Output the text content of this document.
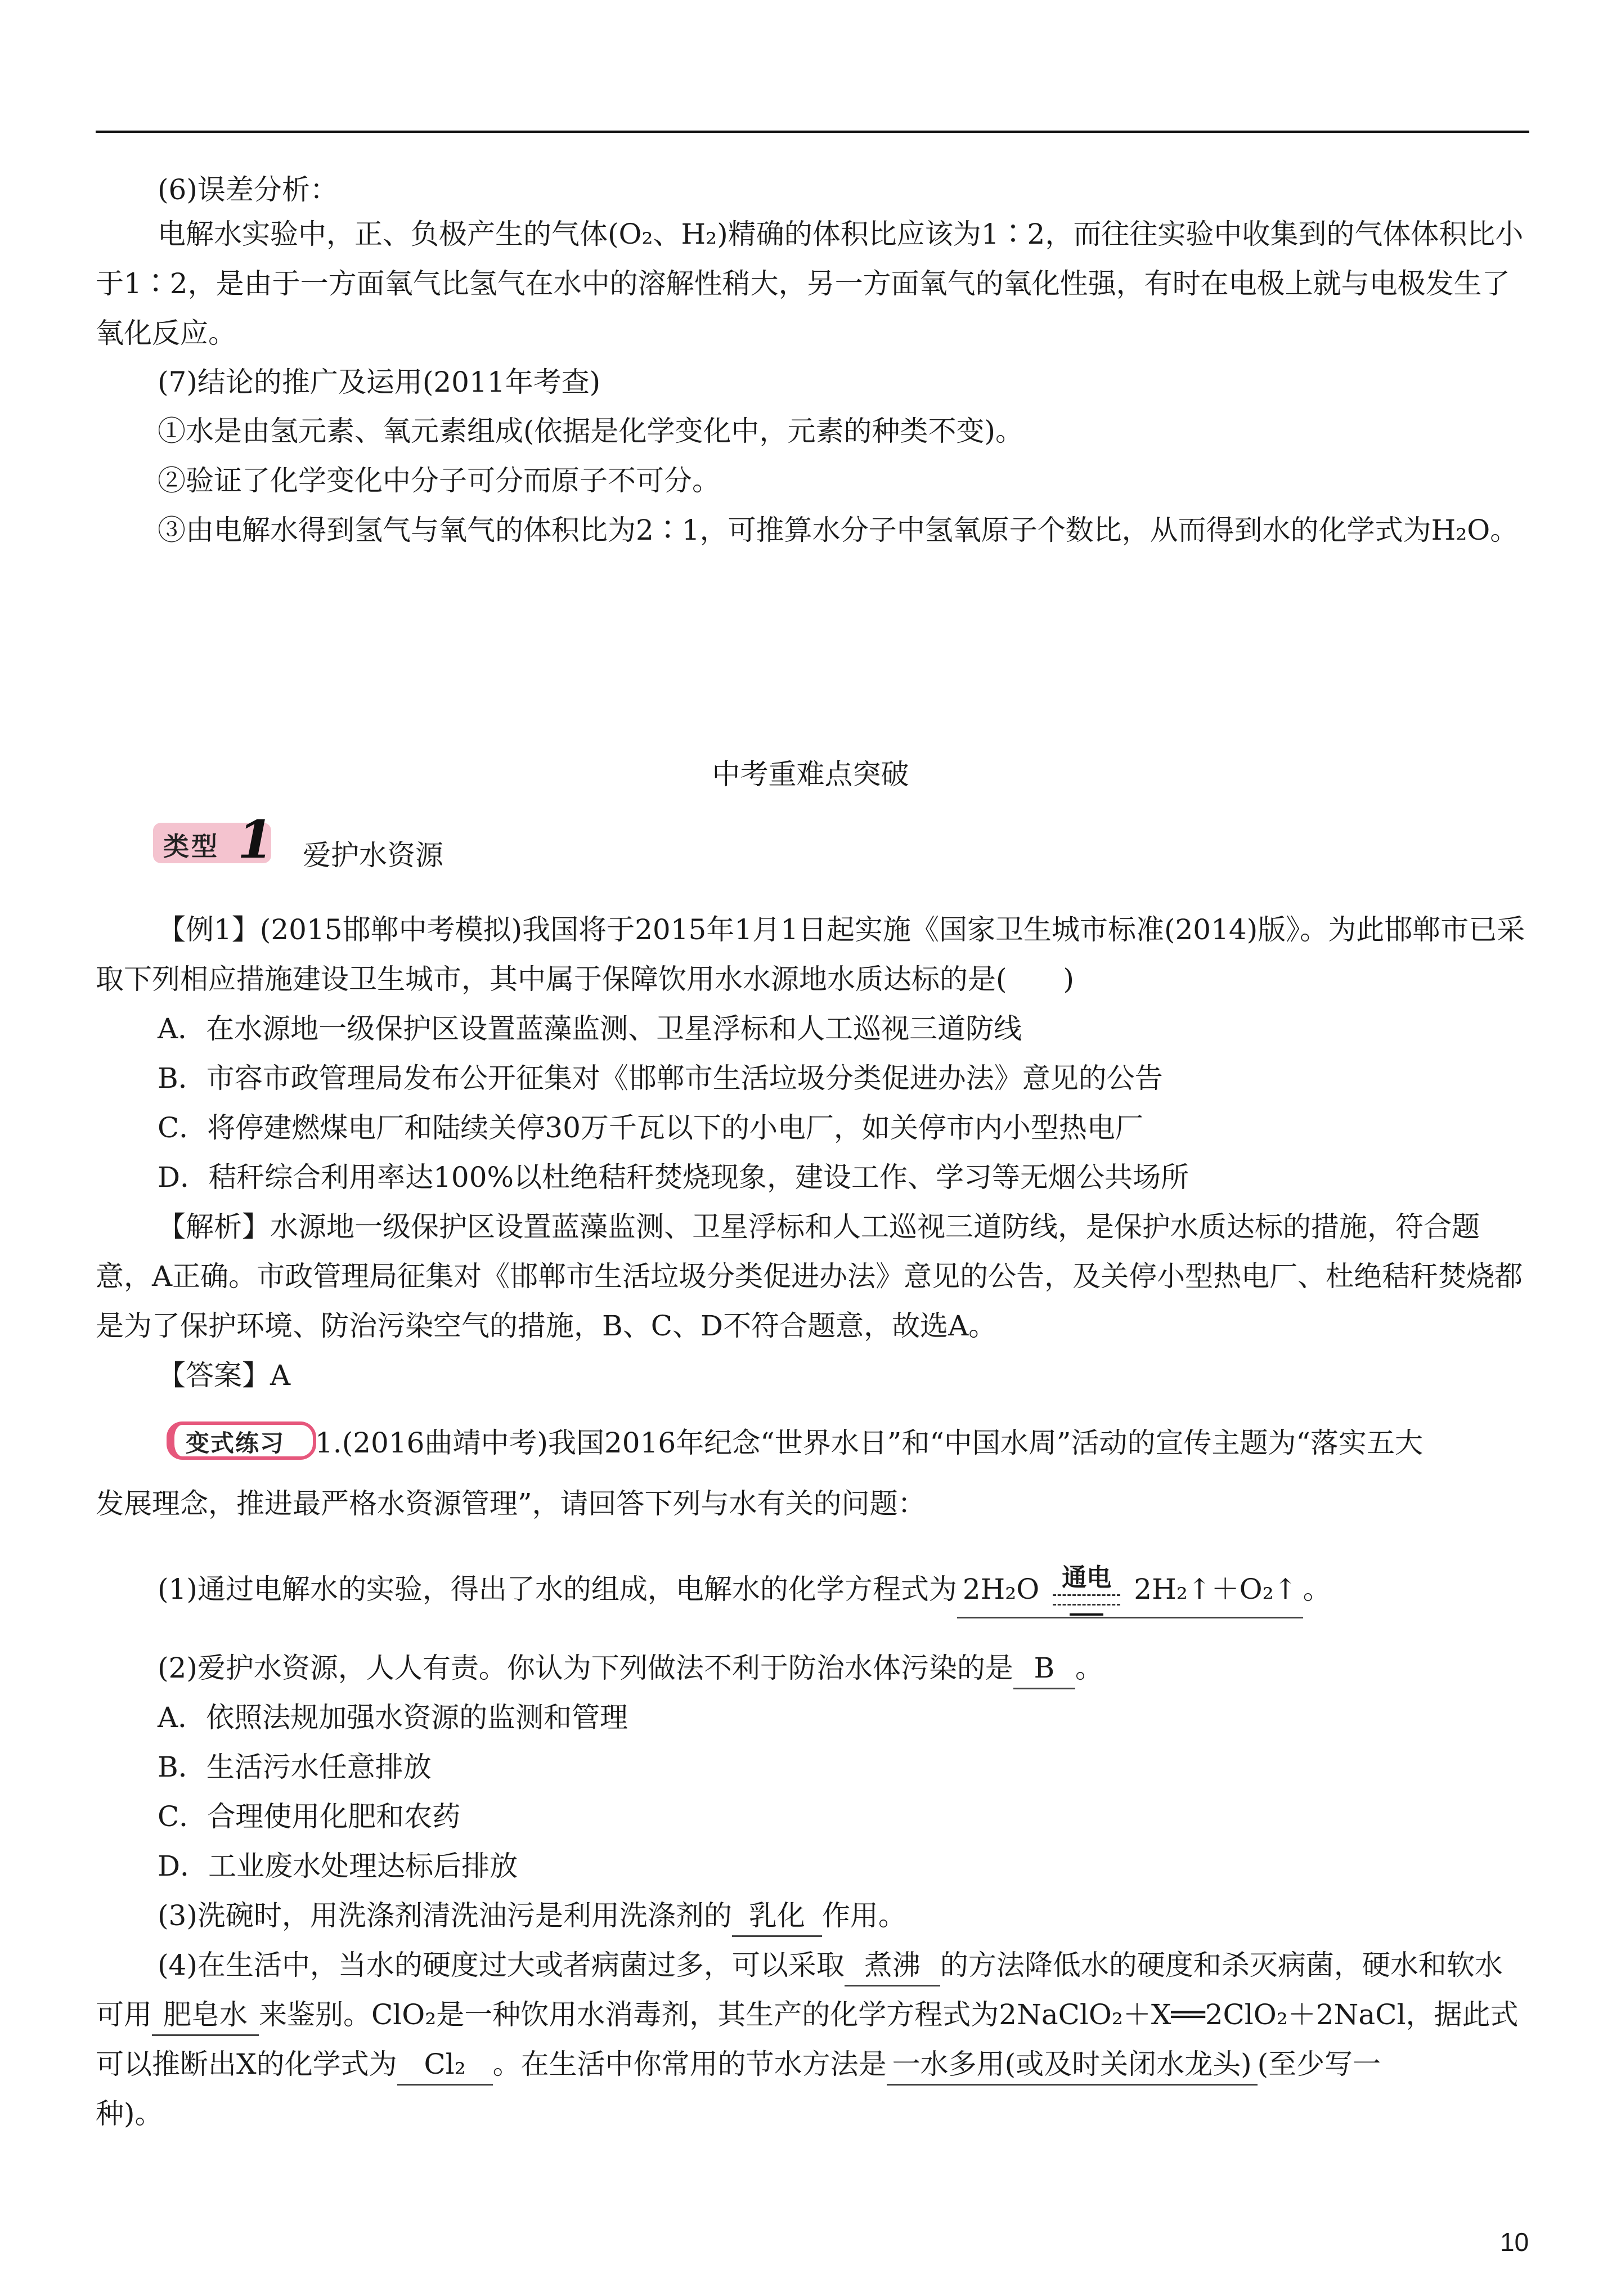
(6)误差分析：

电解水实验中，正、负极产生的气体(O₂、H₂)精确的体积比应该为1∶2，而往往实验中收集到的气体体积比小于1∶2，是由于一方面氧气比氢气在水中的溶解性稍大，另一方面氧气的氧化性强，有时在电极上就与电极发生了氧化反应。

(7)结论的推广及运用(2011年考查)
①水是由氢元素、氧元素组成(依据是化学变化中，元素的种类不变)。
②验证了化学变化中分子可分而原子不可分。

③由电解水得到氢气与氧气的体积比为2∶1，可推算水分子中氢氧原子个数比，从而得到水的化学式为H₂O。

中考重难点突破
类型 1 爱护水资源

【例1】(2015邯郸中考模拟)我国将于2015年1月1日起实施《国家卫生城市标准(2014)版》。为此邯郸市已采取下列相应措施建设卫生城市，其中属于保障饮用水水源地水质达标的是(　　)

A．在水源地一级保护区设置蓝藻监测、卫星浮标和人工巡视三道防线
B．市容市政管理局发布公开征集对《邯郸市生活垃圾分类促进办法》意见的公告
C．将停建燃煤电厂和陆续关停30万千瓦以下的小电厂，如关停市内小型热电厂
D．秸秆综合利用率达100%以杜绝秸秆焚烧现象，建设工作、学习等无烟公共场所

【解析】水源地一级保护区设置蓝藻监测、卫星浮标和人工巡视三道防线，是保护水质达标的措施，符合题意，A正确。市政管理局征集对《邯郸市生活垃圾分类促进办法》意见的公告，及关停小型热电厂、杜绝秸秆焚烧都是为了保护环境、防治污染空气的措施，B、C、D不符合题意，故选A。

【答案】A
变式练习 1.(2016曲靖中考)我国2016年纪念“世界水日”和“中国水周”活动的宣传主题为“落实五大
发展理念，推进最严格水资源管理”，请回答下列与水有关的问题：
(1)通过电解水的实验，得出了水的组成，电解水的化学方程式为 2H₂O 通电 2H₂↑＋O₂↑ 。
(2)爱护水资源，人人有责。你认为下列做法不利于防治水体污染的是 B 。
A．依照法规加强水资源的监测和管理
B．生活污水任意排放
C．合理使用化肥和农药
D．工业废水处理达标后排放
(3)洗碗时，用洗涤剂清洗油污是利用洗涤剂的 乳化 作用。
(4)在生活中，当水的硬度过大或者病菌过多，可以采取 煮沸 的方法降低水的硬度和杀灭病菌，硬水和软水
可用 肥皂水 来鉴别。ClO₂是一种饮用水消毒剂，其生产的化学方程式为2NaClO₂＋X══2ClO₂＋2NaCl，据此式
可以推断出X的化学式为 Cl₂ 。在生活中你常用的节水方法是 一水多用(或及时关闭水龙头) (至少写一
种)。
10
